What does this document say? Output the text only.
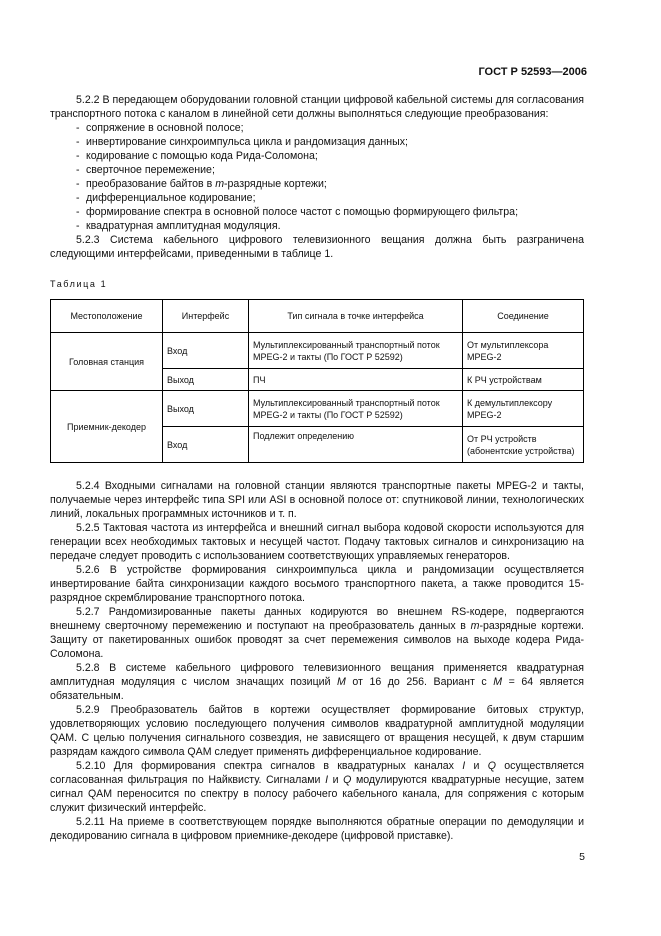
ГОСТ Р 52593—2006

5.2.2 В передающем оборудовании головной станции цифровой кабельной системы для согласования транспортного потока с каналом в линейной сети должны выполняться следующие преобразования:

- сопряжение в основной полосе;
- инвертирование синхроимпульса цикла и рандомизация данных;
- кодирование с помощью кода Рида-Соломона;
- сверточное перемежение;
- преобразование байтов в m-разрядные кортежи;
- дифференциальное кодирование;
- формирование спектра в основной полосе частот с помощью формирующего фильтра;
- квадратурная амплитудная модуляция.

5.2.3 Система кабельного цифрового телевизионного вещания должна быть разграничена следующими интерфейсами, приведенными в таблице 1.

Таблица 1
Местоположение	Интерфейс	Тип сигнала в точке интерфейса	Соединение
Головная станция	Вход	Мультиплексированный транспортный поток MPEG-2 и такты (По ГОСТ Р 52592)	От мультиплексора MPEG-2
	Выход	ПЧ	К РЧ устройствам
Приемник-декодер	Выход	Мультиплексированный транспортный поток MPEG-2 и такты (По ГОСТ Р 52592)	К демультиплексору MPEG-2
	Вход	Подлежит определению	От РЧ устройств (абонентские устройства)

5.2.4 Входными сигналами на головной станции являются транспортные пакеты MPEG-2 и такты, получаемые через интерфейс типа SPI или ASI в основной полосе от: спутниковой линии, технологических линий, локальных программных источников и т. п.

5.2.5 Тактовая частота из интерфейса и внешний сигнал выбора кодовой скорости используются для генерации всех необходимых тактовых и несущей частот. Подачу тактовых сигналов и синхронизацию на передаче следует проводить с использованием соответствующих управляемых генераторов.

5.2.6 В устройстве формирования синхроимпульса цикла и рандомизации осуществляется инвертирование байта синхронизации каждого восьмого транспортного пакета, а также проводится 15-разрядное скремблирование транспортного потока.

5.2.7 Рандомизированные пакеты данных кодируются во внешнем RS-кодере, подвергаются внешнему сверточному перемежению и поступают на преобразователь данных в m-разрядные кортежи. Защиту от пакетированных ошибок проводят за счет перемежения символов на выходе кодера Рида-Соломона.

5.2.8 В системе кабельного цифрового телевизионного вещания применяется квадратурная амплитудная модуляция с числом значащих позиций M от 16 до 256. Вариант с M = 64 является обязательным.

5.2.9 Преобразователь байтов в кортежи осуществляет формирование битовых структур, удовлетворяющих условию последующего получения символов квадратурной амплитудной модуляции QAM. С целью получения сигнального созвездия, не зависящего от вращения несущей, к двум старшим разрядам каждого символа QAM следует применять дифференциальное кодирование.

5.2.10 Для формирования спектра сигналов в квадратурных каналах I и Q осуществляется согласованная фильтрация по Найквисту. Сигналами I и Q модулируются квадратурные несущие, затем сигнал QAM переносится по спектру в полосу рабочего кабельного канала, для сопряжения с которым служит физический интерфейс.

5.2.11 На приеме в соответствующем порядке выполняются обратные операции по демодуляции и декодированию сигнала в цифровом приемнике-декодере (цифровой приставке).

5
